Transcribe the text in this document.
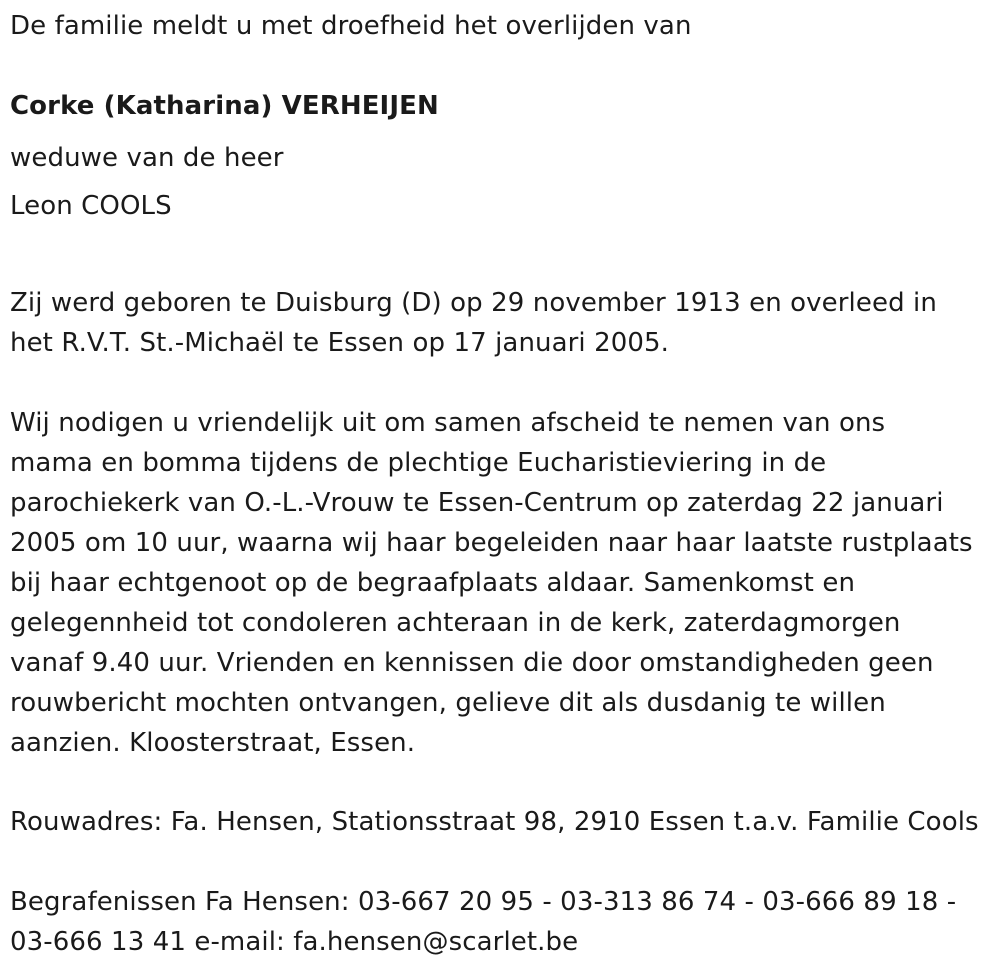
De familie meldt u met droefheid het overlijden van
Corke (Katharina) VERHEIJEN
weduwe van de heer
Leon COOLS
Zij werd geboren te Duisburg (D) op 29 november 1913 en overleed in
het R.V.T. St.-Michaël te Essen op 17 januari 2005.
Wij nodigen u vriendelijk uit om samen afscheid te nemen van ons
mama en bomma tijdens de plechtige Eucharistieviering in de
parochiekerk van O.-L.-Vrouw te Essen-Centrum op zaterdag 22 januari
2005 om 10 uur, waarna wij haar begeleiden naar haar laatste rustplaats
bij haar echtgenoot op de begraafplaats aldaar. Samenkomst en
gelegennheid tot condoleren achteraan in de kerk, zaterdagmorgen
vanaf 9.40 uur. Vrienden en kennissen die door omstandigheden geen
rouwbericht mochten ontvangen, gelieve dit als dusdanig te willen
aanzien. Kloosterstraat, Essen.
Rouwadres: Fa. Hensen, Stationsstraat 98, 2910 Essen t.a.v. Familie Cools
Begrafenissen Fa Hensen: 03-667 20 95 - 03-313 86 74 - 03-666 89 18 -
03-666 13 41 e-mail: fa.hensen@scarlet.be
